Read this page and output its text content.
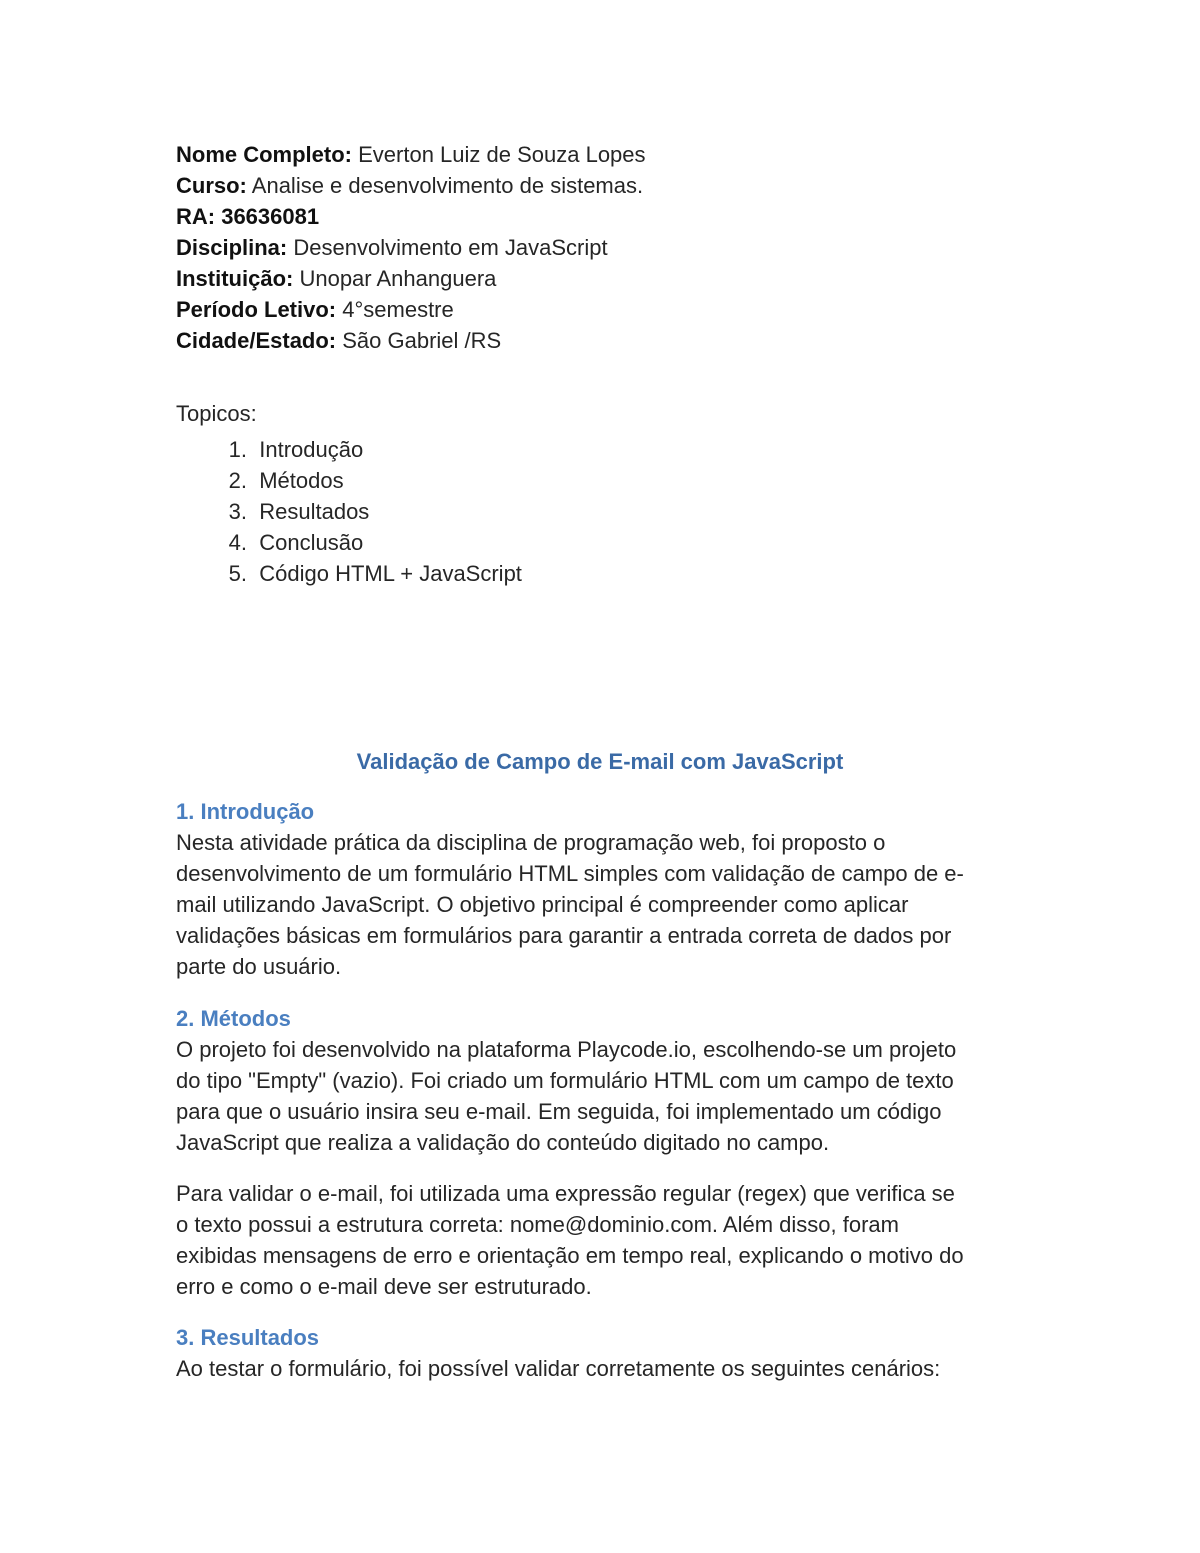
Nome Completo: Everton Luiz de Souza Lopes
Curso: Analise e desenvolvimento de sistemas.
RA: 36636081
Disciplina: Desenvolvimento em JavaScript
Instituição: Unopar Anhanguera
Período Letivo: 4°semestre
Cidade/Estado: São Gabriel /RS
Topicos:
1.
Introdução
2.
Métodos
3.
Resultados
4.
Conclusão
5.
Código HTML + JavaScript
Validação de Campo de E-mail com JavaScript
1. Introdução

Nesta atividade prática da disciplina de programação web, foi proposto o
desenvolvimento de um formulário HTML simples com validação de campo de e-
mail utilizando JavaScript. O objetivo principal é compreender como aplicar
validações básicas em formulários para garantir a entrada correta de dados por
parte do usuário.

2. Métodos

O projeto foi desenvolvido na plataforma Playcode.io, escolhendo-se um projeto
do tipo "Empty" (vazio). Foi criado um formulário HTML com um campo de texto
para que o usuário insira seu e-mail. Em seguida, foi implementado um código
JavaScript que realiza a validação do conteúdo digitado no campo.

Para validar o e-mail, foi utilizada uma expressão regular (regex) que verifica se
o texto possui a estrutura correta: nome@dominio.com. Além disso, foram
exibidas mensagens de erro e orientação em tempo real, explicando o motivo do
erro e como o e-mail deve ser estruturado.

3. Resultados

Ao testar o formulário, foi possível validar corretamente os seguintes cenários:
